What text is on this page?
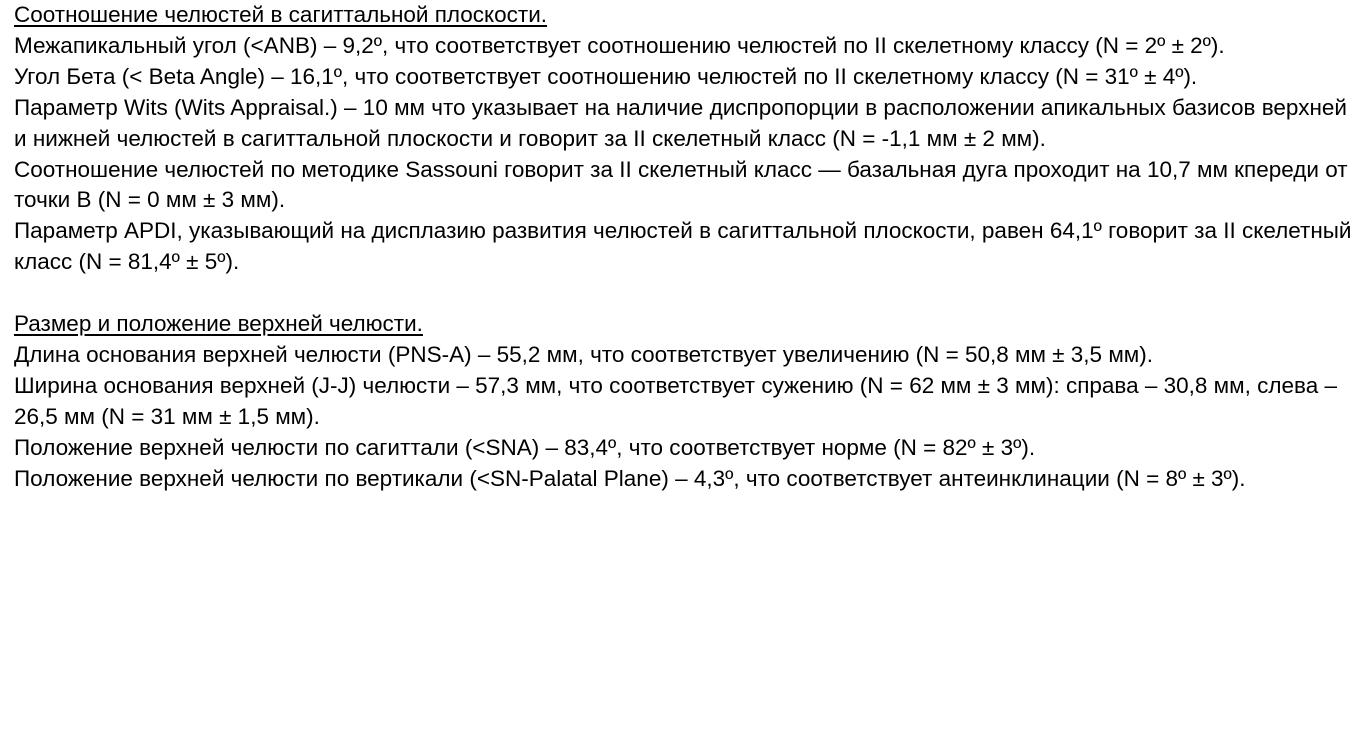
Соотношение челюстей в сагиттальной плоскости.

Межапикальный угол (<ANB) – 9,2º, что соответствует соотношению челюстей по II скелетному классу (N = 2º ± 2º).

Угол Бета (< Beta Angle) – 16,1º, что соответствует соотношению челюстей по II скелетному классу (N = 31º ± 4º).

Параметр Wits (Wits Appraisal.) – 10 мм что указывает на наличие диспропорции в расположении апикальных базисов верхней и нижней челюстей в сагиттальной плоскости и говорит за II скелетный класс (N = -1,1 мм ± 2 мм).

Соотношение челюстей по методике Sassouni говорит за II скелетный класс — базальная дуга проходит на 10,7 мм кпереди от точки B (N = 0 мм ± 3 мм).

Параметр APDI, указывающий на дисплазию развития челюстей в сагиттальной плоскости, равен 64,1º говорит за II скелетный класс (N = 81,4º ± 5º).

Размер и положение верхней челюсти.

Длина основания верхней челюсти (PNS-A) – 55,2 мм, что соответствует увеличению (N = 50,8 мм ± 3,5 мм).

Ширина основания верхней (J-J) челюсти – 57,3 мм, что соответствует сужению (N = 62 мм ± 3 мм): справа – 30,8 мм, слева – 26,5 мм (N = 31 мм ± 1,5 мм).

Положение верхней челюсти по сагиттали (<SNA) – 83,4º, что соответствует норме (N = 82º ± 3º).

Положение верхней челюсти по вертикали (<SN-Palatal Plane) – 4,3º, что соответствует антеинклинации (N = 8º ± 3º).
